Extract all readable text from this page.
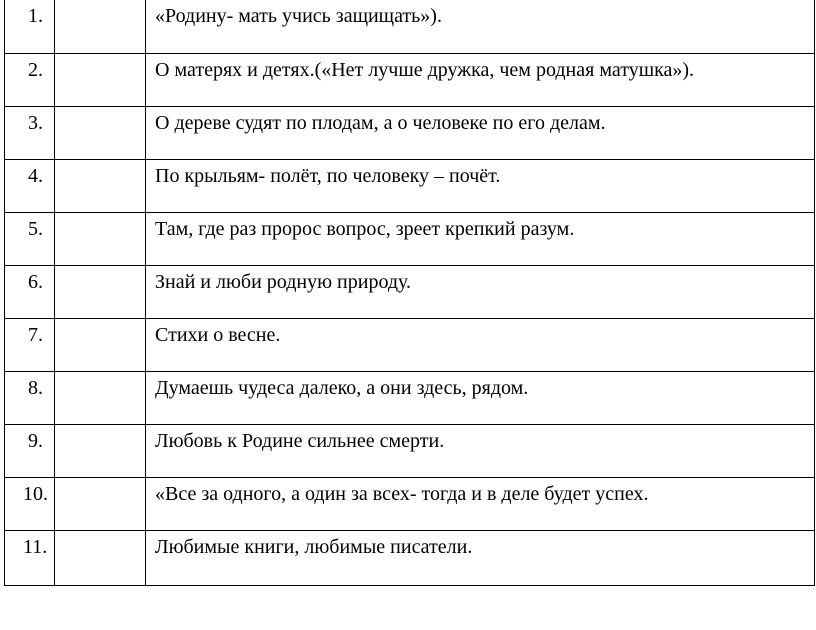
1.		«Родину- мать учись защищать»).

2.		О матерях и детях.(«Нет лучше дружка, чем родная матушка»).

3.		О дереве судят по плодам, а о человеке по его делам.

4.		По крыльям- полёт, по человеку – почёт.

5.		Там, где раз пророс вопрос, зреет крепкий разум.

6.		Знай и люби родную природу.

7.		Стихи о весне.

8.		Думаешь чудеса далеко, а они здесь, рядом.

9.		Любовь к Родине сильнее смерти.

10.		«Все за одного, а один за всех- тогда и в деле будет успех.

11.		Любимые книги, любимые писатели.
